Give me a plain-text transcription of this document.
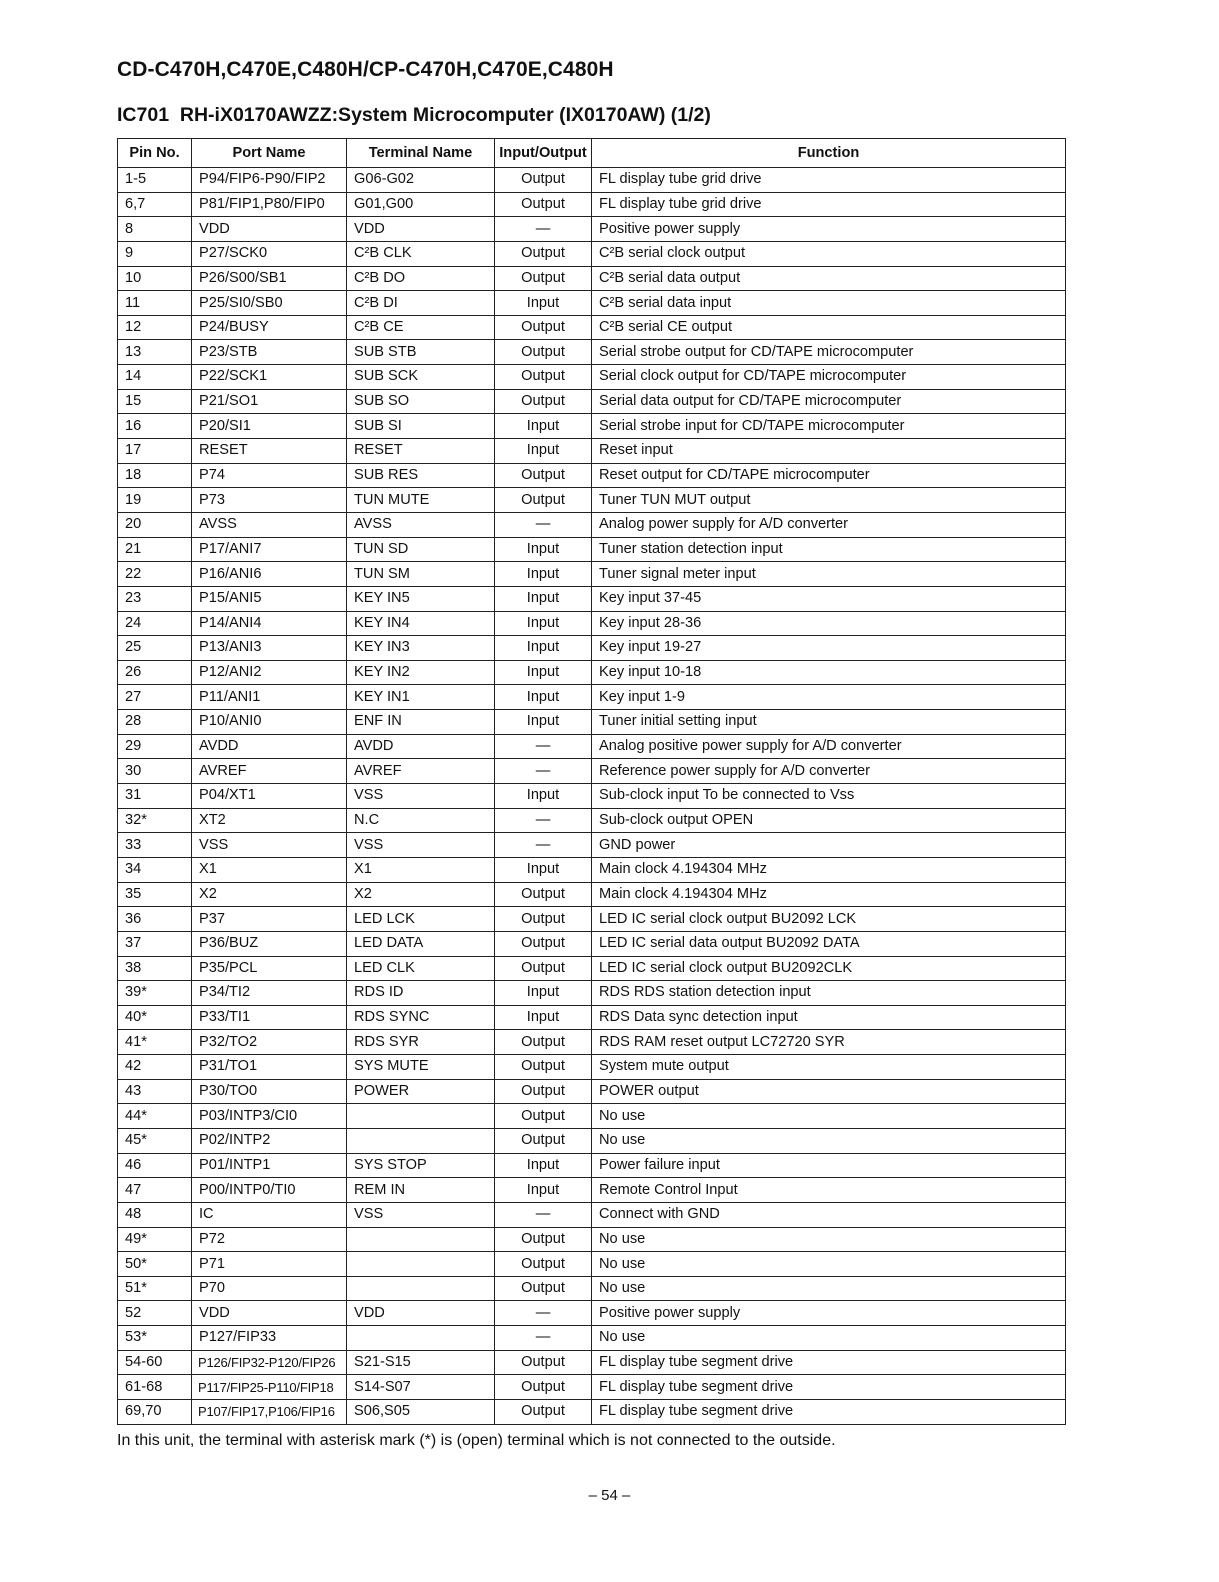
CD-C470H,C470E,C480H/CP-C470H,C470E,C480H
IC701  RH-iX0170AWZZ:System Microcomputer (IX0170AW) (1/2)
Pin No.	Port Name	Terminal Name	Input/Output	Function
1-5	P94/FIP6-P90/FIP2	G06-G02	Output	FL display tube grid drive
6,7	P81/FIP1,P80/FIP0	G01,G00	Output	FL display tube grid drive
8	VDD	VDD	—	Positive power supply
9	P27/SCK0	C²B CLK	Output	C²B serial clock output
10	P26/S00/SB1	C²B DO	Output	C²B serial data output
11	P25/SI0/SB0	C²B DI	Input	C²B serial data input
12	P24/BUSY	C²B CE	Output	C²B serial CE output
13	P23/STB	SUB STB	Output	Serial strobe output for CD/TAPE microcomputer
14	P22/SCK1	SUB SCK	Output	Serial clock output for CD/TAPE microcomputer
15	P21/SO1	SUB SO	Output	Serial data output for CD/TAPE microcomputer
16	P20/SI1	SUB SI	Input	Serial strobe input for CD/TAPE microcomputer
17	RESET	RESET	Input	Reset input
18	P74	SUB RES	Output	Reset output for CD/TAPE microcomputer
19	P73	TUN MUTE	Output	Tuner TUN MUT output
20	AVSS	AVSS	—	Analog power supply for A/D converter
21	P17/ANI7	TUN SD	Input	Tuner station detection input
22	P16/ANI6	TUN SM	Input	Tuner signal meter input
23	P15/ANI5	KEY IN5	Input	Key input 37-45
24	P14/ANI4	KEY IN4	Input	Key input 28-36
25	P13/ANI3	KEY IN3	Input	Key input 19-27
26	P12/ANI2	KEY IN2	Input	Key input 10-18
27	P11/ANI1	KEY IN1	Input	Key input 1-9
28	P10/ANI0	ENF IN	Input	Tuner initial setting input
29	AVDD	AVDD	—	Analog positive power supply for A/D converter
30	AVREF	AVREF	—	Reference power supply for A/D converter
31	P04/XT1	VSS	Input	Sub-clock input To be connected to Vss
32*	XT2	N.C	—	Sub-clock output OPEN
33	VSS	VSS	—	GND power
34	X1	X1	Input	Main clock 4.194304 MHz
35	X2	X2	Output	Main clock 4.194304 MHz
36	P37	LED LCK	Output	LED IC serial clock output BU2092 LCK
37	P36/BUZ	LED DATA	Output	LED IC serial data output BU2092 DATA
38	P35/PCL	LED CLK	Output	LED IC serial clock output BU2092CLK
39*	P34/TI2	RDS ID	Input	RDS RDS station detection input
40*	P33/TI1	RDS SYNC	Input	RDS Data sync detection input
41*	P32/TO2	RDS SYR	Output	RDS RAM reset output LC72720 SYR
42	P31/TO1	SYS MUTE	Output	System mute output
43	P30/TO0	POWER	Output	POWER output
44*	P03/INTP3/CI0		Output	No use
45*	P02/INTP2		Output	No use
46	P01/INTP1	SYS STOP	Input	Power failure input
47	P00/INTP0/TI0	REM IN	Input	Remote Control Input
48	IC	VSS	—	Connect with GND
49*	P72		Output	No use
50*	P71		Output	No use
51*	P70		Output	No use
52	VDD	VDD	—	Positive power supply
53*	P127/FIP33		—	No use
54-60	P126/FIP32-P120/FIP26	S21-S15	Output	FL display tube segment drive
61-68	P117/FIP25-P110/FIP18	S14-S07	Output	FL display tube segment drive
69,70	P107/FIP17,P106/FIP16	S06,S05	Output	FL display tube segment drive

In this unit, the terminal with asterisk mark (*) is (open) terminal which is not connected to the outside.

– 54 –
